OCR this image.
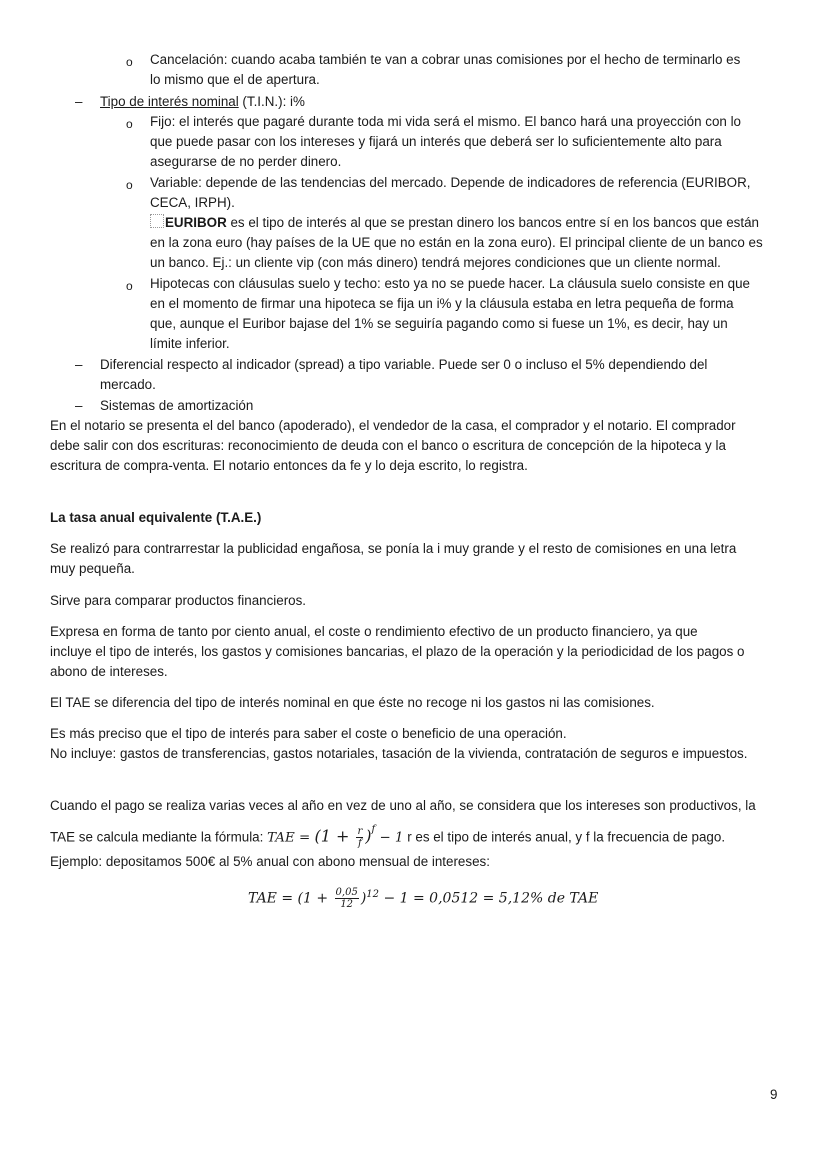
o Cancelación: cuando acaba también te van a cobrar unas comisiones por el hecho de terminarlo es
lo mismo que el de apertura.
– Tipo de interés nominal (T.I.N.): i%
o Fijo: el interés que pagaré durante toda mi vida será el mismo. El banco hará una proyección con lo
que puede pasar con los intereses y fijará un interés que deberá ser lo suficientemente alto para
asegurarse de no perder dinero.
o Variable: depende de las tendencias del mercado. Depende de indicadores de referencia (EURIBOR,
CECA, IRPH).
EURIBOR es el tipo de interés al que se prestan dinero los bancos entre sí en los bancos que están
en la zona euro (hay países de la UE que no están en la zona euro). El principal cliente de un banco es
un banco. Ej.: un cliente vip (con más dinero) tendrá mejores condiciones que un cliente normal.
o Hipotecas con cláusulas suelo y techo: esto ya no se puede hacer. La cláusula suelo consiste en que
en el momento de firmar una hipoteca se fija un i% y la cláusula estaba en letra pequeña de forma
que, aunque el Euribor bajase del 1% se seguiría pagando como si fuese un 1%, es decir, hay un
límite inferior.
– Diferencial respecto al indicador (spread) a tipo variable. Puede ser 0 o incluso el 5% dependiendo del
mercado.
– Sistemas de amortización
En el notario se presenta el del banco (apoderado), el vendedor de la casa, el comprador y el notario. El comprador
debe salir con dos escrituras: reconocimiento de deuda con el banco o escritura de concepción de la hipoteca y la
escritura de compra-venta. El notario entonces da fe y lo deja escrito, lo registra.
La tasa anual equivalente (T.A.E.)
Se realizó para contrarrestar la publicidad engañosa, se ponía la i muy grande y el resto de comisiones en una letra
muy pequeña.
Sirve para comparar productos financieros.
Expresa en forma de tanto por ciento anual, el coste o rendimiento efectivo de un producto financiero, ya que
incluye el tipo de interés, los gastos y comisiones bancarias, el plazo de la operación y la periodicidad de los pagos o
abono de intereses.
El TAE se diferencia del tipo de interés nominal en que éste no recoge ni los gastos ni las comisiones.
Es más preciso que el tipo de interés para saber el coste o beneficio de una operación.
No incluye: gastos de transferencias, gastos notariales, tasación de la vivienda, contratación de seguros e impuestos.
Cuando el pago se realiza varias veces al año en vez de uno al año, se considera que los intereses son productivos, la
TAE se calcula mediante la fórmula: TAE = $(1 + \frac{r}{f} )^f - 1$ r es el tipo de interés anual, y f la frecuencia de pago.
Ejemplo: depositamos 500€ al 5% anual con abono mensual de intereses:
TAE = $(1 + \frac{0,05}{12} )^{12} - 1 = 0,0512 = 5,12\%$ de TAE
9
